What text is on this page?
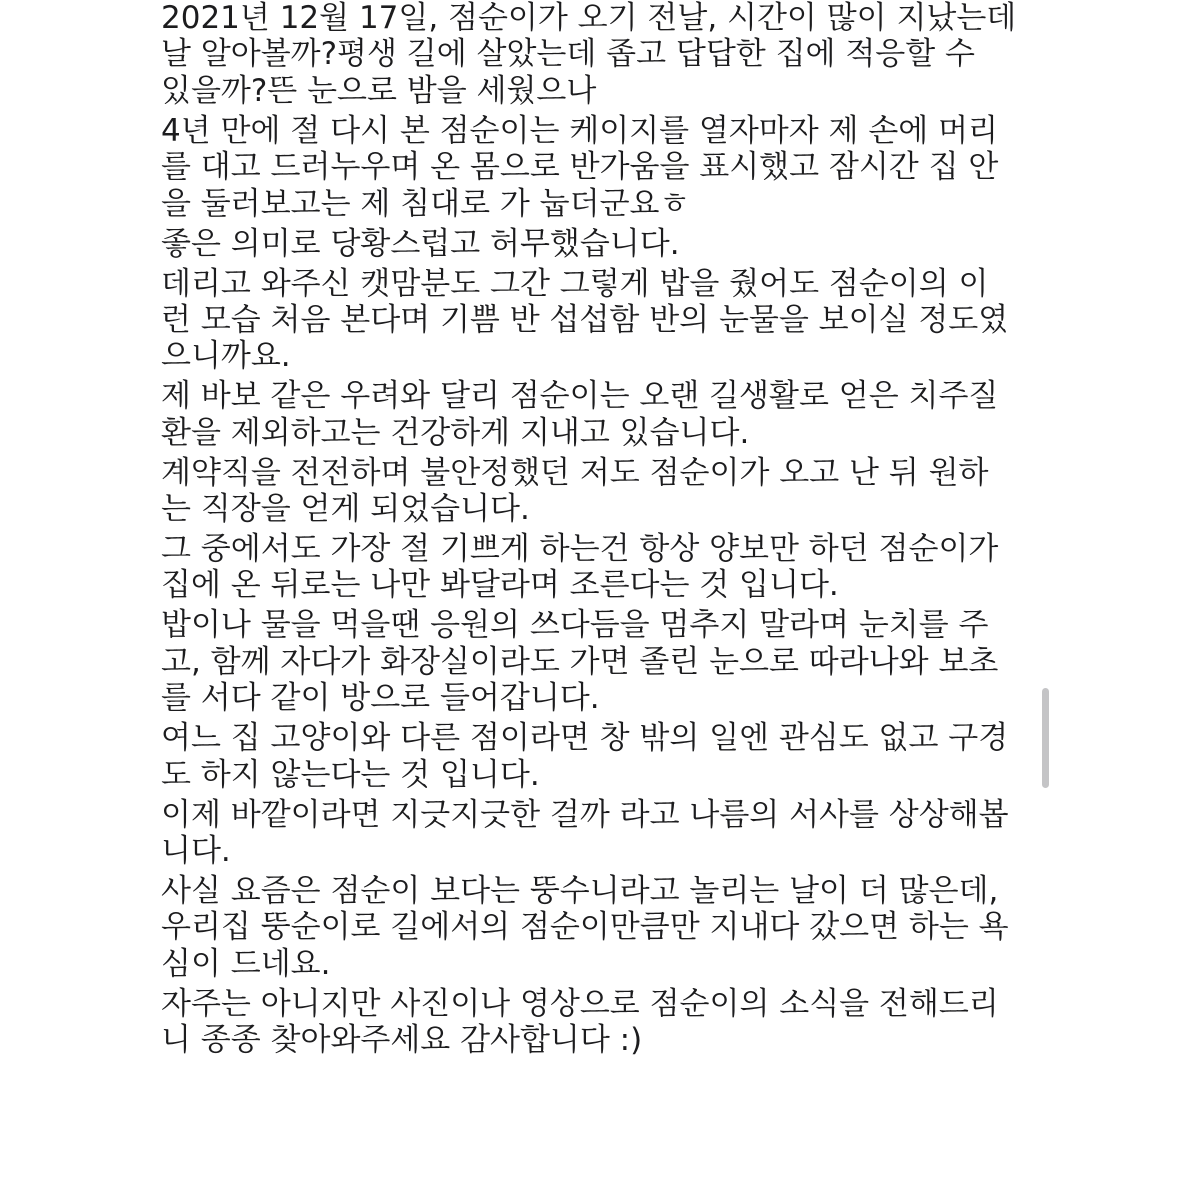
2021년 12월 17일, 점순이가 오기 전날, 시간이 많이 지났는데
날 알아볼까?평생 길에 살았는데 좁고 답답한 집에 적응할 수
있을까?뜬 눈으로 밤을 세웠으나

4년 만에 절 다시 본 점순이는 케이지를 열자마자 제 손에 머리
를 대고 드러누우며 온 몸으로 반가움을 표시했고 잠시간 집 안
을 둘러보고는 제 침대로 가 눕더군요ㅎ

좋은 의미로 당황스럽고 허무했습니다.

데리고 와주신 캣맘분도 그간 그렇게 밥을 줬어도 점순이의 이
런 모습 처음 본다며 기쁨 반 섭섭함 반의 눈물을 보이실 정도였
으니까요.

제 바보 같은 우려와 달리 점순이는 오랜 길생활로 얻은 치주질
환을 제외하고는 건강하게 지내고 있습니다.

계약직을 전전하며 불안정했던 저도 점순이가 오고 난 뒤 원하
는 직장을 얻게 되었습니다.

그 중에서도 가장 절 기쁘게 하는건 항상 양보만 하던 점순이가
집에 온 뒤로는 나만 봐달라며 조른다는 것 입니다.

밥이나 물을 먹을땐 응원의 쓰다듬을 멈추지 말라며 눈치를 주
고, 함께 자다가 화장실이라도 가면 졸린 눈으로 따라나와 보초
를 서다 같이 방으로 들어갑니다.

여느 집 고양이와 다른 점이라면 창 밖의 일엔 관심도 없고 구경
도 하지 않는다는 것 입니다.

이제 바깥이라면 지긋지긋한 걸까 라고 나름의 서사를 상상해봅
니다.

사실 요즘은 점순이 보다는 뚱수니라고 놀리는 날이 더 많은데,
우리집 뚱순이로 길에서의 점순이만큼만 지내다 갔으면 하는 욕
심이 드네요.

자주는 아니지만 사진이나 영상으로 점순이의 소식을 전해드리
니 종종 찾아와주세요 감사합니다 :)
